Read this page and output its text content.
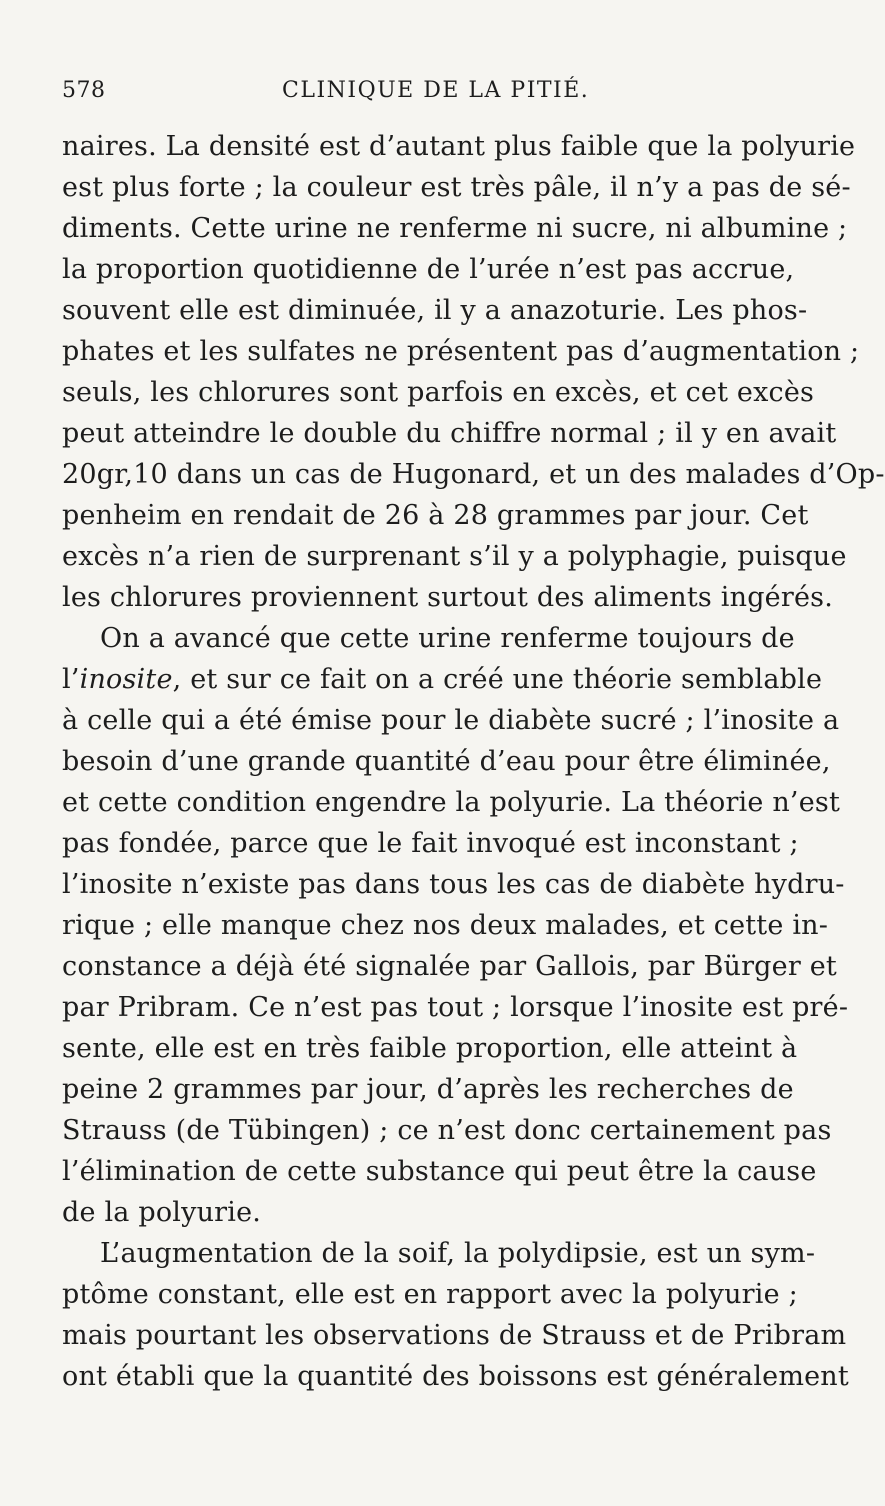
578	CLINIQUE DE LA PITIÉ.
naires. La densité est d’autant plus faible que la polyurie
est plus forte ; la couleur est très pâle, il n’y a pas de sé-
diments. Cette urine ne renferme ni sucre, ni albumine ;
la proportion quotidienne de l’urée n’est pas accrue,
souvent elle est diminuée, il y a anazoturie. Les phos-
phates et les sulfates ne présentent pas d’augmentation ;
seuls, les chlorures sont parfois en excès, et cet excès
peut atteindre le double du chiffre normal ; il y en avait
20gr,10 dans un cas de Hugonard, et un des malades d’Op-
penheim en rendait de 26 à 28 grammes par jour. Cet
excès n’a rien de surprenant s’il y a polyphagie, puisque
les chlorures proviennent surtout des aliments ingérés.
On a avancé que cette urine renferme toujours de
l’inosite, et sur ce fait on a créé une théorie semblable
à celle qui a été émise pour le diabète sucré ; l’inosite a
besoin d’une grande quantité d’eau pour être éliminée,
et cette condition engendre la polyurie. La théorie n’est
pas fondée, parce que le fait invoqué est inconstant ;
l’inosite n’existe pas dans tous les cas de diabète hydru-
rique ; elle manque chez nos deux malades, et cette in-
constance a déjà été signalée par Gallois, par Bürger et
par Pribram. Ce n’est pas tout ; lorsque l’inosite est pré-
sente, elle est en très faible proportion, elle atteint à
peine 2 grammes par jour, d’après les recherches de
Strauss (de Tübingen) ; ce n’est donc certainement pas
l’élimination de cette substance qui peut être la cause
de la polyurie.
L’augmentation de la soif, la polydipsie, est un sym-
ptôme constant, elle est en rapport avec la polyurie ;
mais pourtant les observations de Strauss et de Pribram
ont établi que la quantité des boissons est généralement
